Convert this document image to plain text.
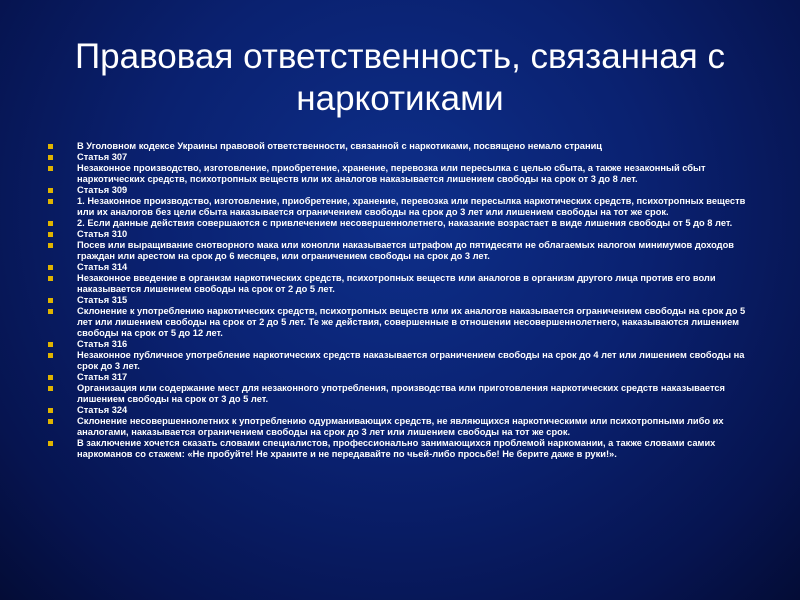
Правовая ответственность, связанная с наркотиками
В Уголовном кодексе Украины правовой ответственности, связанной с наркотиками, посвящено немало страниц
Статья 307
Незаконное производство, изготовление, приобретение, хранение, перевозка или пересылка с целью сбыта, а также незаконный сбыт наркотических средств, психотропных веществ или их аналогов наказывается лишением свободы на срок от 3 до 8 лет.
Статья 309
1. Незаконное производство, изготовление, приобретение, хранение, перевозка или пересылка наркотических средств, психотропных веществ или их аналогов без цели сбыта наказывается ограничением свободы на срок до 3 лет или лишением свободы на тот же срок.
2. Если данные действия совершаются с привлечением несовершеннолетнего, наказание возрастает в виде лишения свободы от 5 до 8 лет.
Статья 310
Посев или выращивание снотворного мака или конопли наказывается штрафом до пятидесяти не облагаемых налогом минимумов доходов граждан или арестом на срок до 6 месяцев, или ограничением свободы на срок до 3 лет.
Статья 314
Незаконное введение в организм наркотических средств, психотропных веществ или аналогов в организм другого лица против его воли наказывается лишением свободы на срок от 2 до 5 лет.
Статья 315
Склонение к употреблению наркотических средств, психотропных веществ или их аналогов наказывается ограничением свободы на срок до 5 лет или лишением свободы на срок от 2 до 5 лет. Те же действия, совершенные в отношении несовершеннолетнего, наказываются лишением свободы на срок от 5 до 12 лет.
Статья 316
Незаконное публичное употребление наркотических средств наказывается ограничением свободы на срок до 4 лет или лишением свободы на срок до 3 лет.
Статья 317
Организация или содержание мест для незаконного употребления, производства или приготовления наркотических средств наказывается лишением свободы на срок от 3 до 5 лет.
Статья 324
Склонение несовершеннолетних к употреблению одурманивающих средств, не являющихся наркотическими или психотропными либо их аналогами, наказывается ограничением свободы на срок до 3 лет или лишением свободы на тот же срок.
В заключение хочется сказать словами специалистов, профессионально занимающихся проблемой наркомании, а также словами самих наркоманов со стажем: «Не пробуйте! Не храните и не передавайте по чьей-либо просьбе! Не берите даже в руки!».
